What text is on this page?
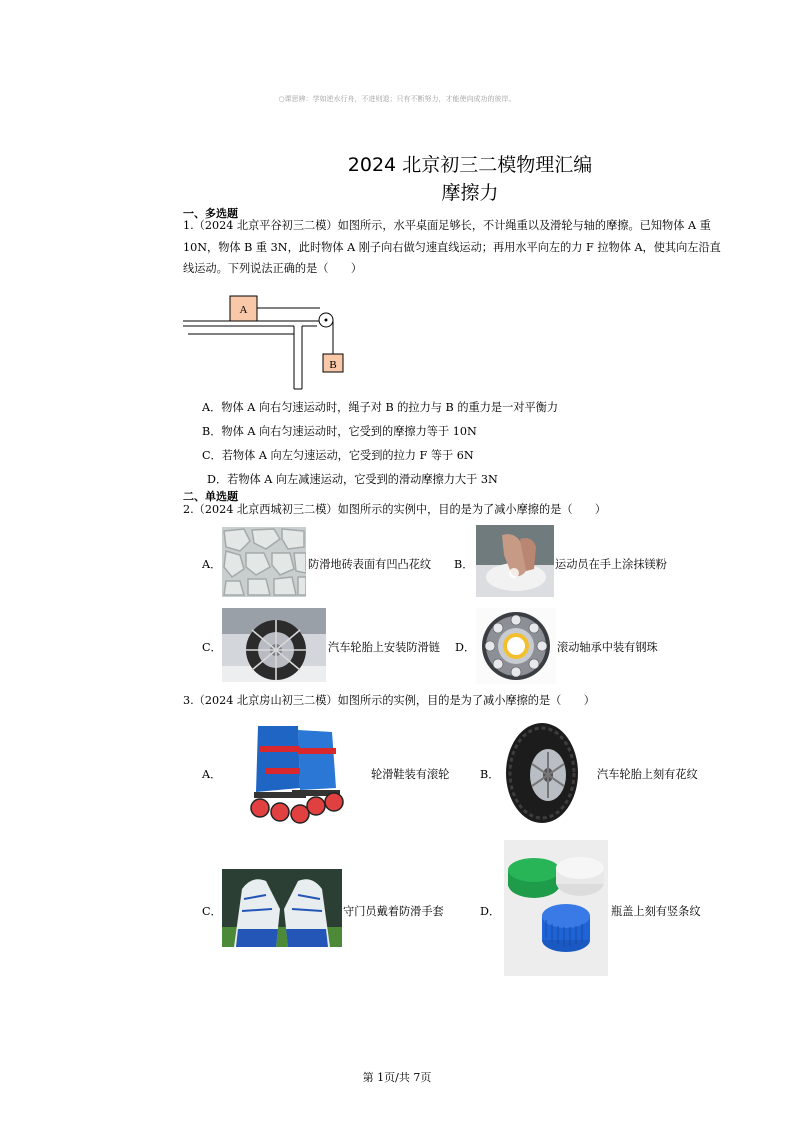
○课思辨：学如逆水行舟，不进则退；只有不断努力，才能使向成功的彼岸。
2024 北京初三二模物理汇编
摩擦力
一、多选题
1.（2024 北京平谷初三二模）如图所示，水平桌面足够长，不计绳重以及滑轮与轴的摩擦。已知物体 A 重
10N，物体 B 重 3N，此时物体 A 刚子向右做匀速直线运动；再用水平向左的力 F 拉物体 A，使其向左沿直
线运动。下列说法正确的是（　　）
A
B
A．物体 A 向右匀速运动时，绳子对 B 的拉力与 B 的重力是一对平衡力
B．物体 A 向右匀速运动时，它受到的摩擦力等于 10N
C．若物体 A 向左匀速运动，它受到的拉力 F 等于 6N
D．若物体 A 向左减速运动，它受到的滑动摩擦力大于 3N
二、单选题
2.（2024 北京西城初三二模）如图所示的实例中，目的是为了减小摩擦的是（　　）
A．	防滑地砖表面有凹凸花纹 B．	运动员在手上涂抹镁粉
C．	汽车轮胎上安装防滑链 D．	滚动轴承中装有钢珠
3.（2024 北京房山初三二模）如图所示的实例，目的是为了减小摩擦的是（　　）
A．	轮滑鞋装有滚轮	B．	汽车轮胎上刻有花纹
C．	守门员戴着防滑手套	D．	瓶盖上刻有竖条纹
第 1页/共 7页
